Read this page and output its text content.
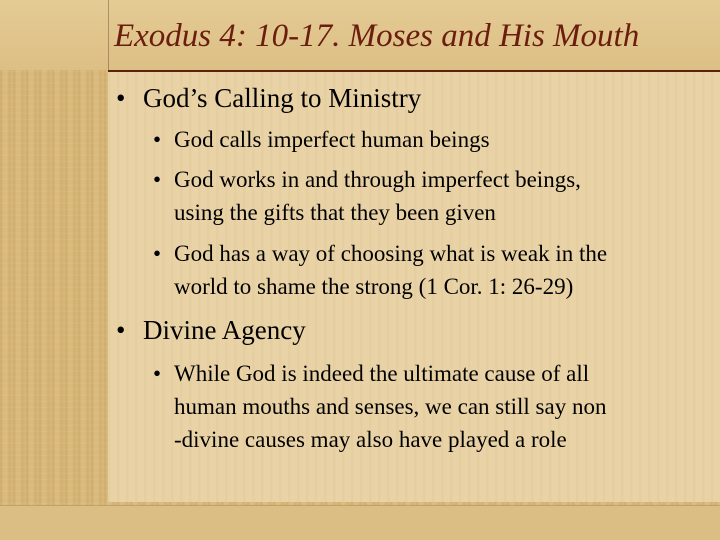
Exodus 4: 10-17. Moses and His Mouth
• God’s Calling to Ministry
• God calls imperfect human beings
• God works in and through imperfect beings,
using the gifts that they been given
• God has a way of choosing what is weak in the
world to shame the strong (1 Cor. 1: 26-29)
• Divine Agency
• While God is indeed the ultimate cause of all
human mouths and senses, we can still say non
-divine causes may also have played a role
